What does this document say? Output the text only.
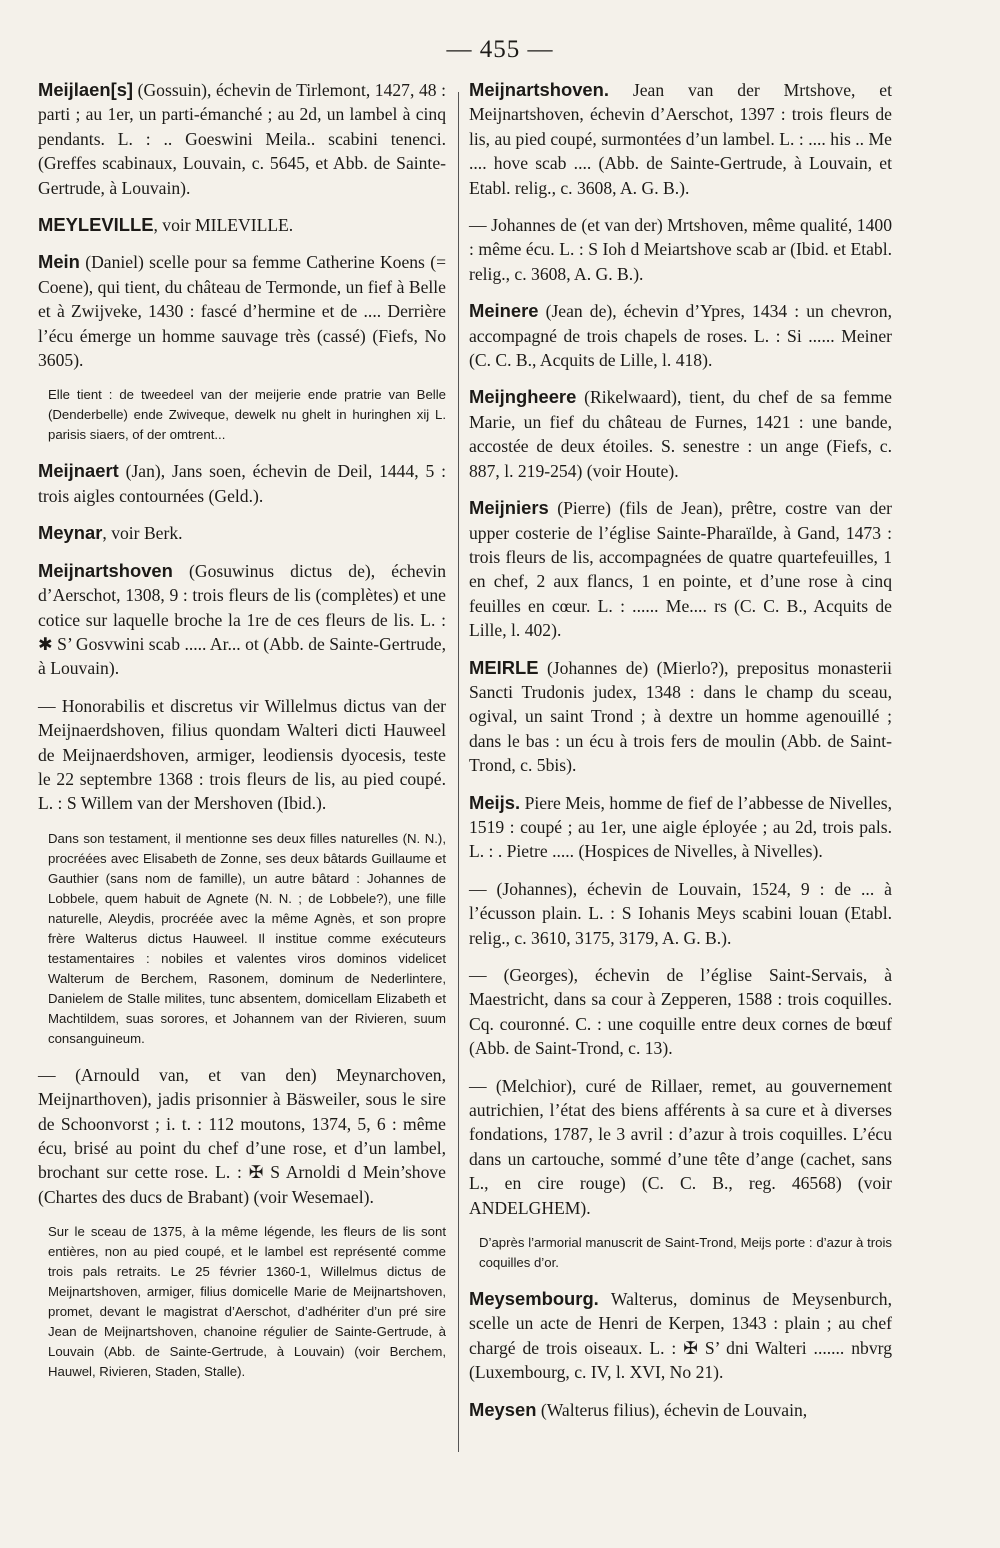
— 455 —

Meijlaen[s] (Gossuin), échevin de Tirlemont, 1427, 48 : parti ; au 1er, un parti-émanché ; au 2d, un lambel à cinq pendants. L. : .. Goeswini Meila.. scabini tenenci. (Greffes scabinaux, Louvain, c. 5645, et Abb. de Sainte-Gertrude, à Louvain).

MEYLEVILLE, voir MILEVILLE.

Mein (Daniel) scelle pour sa femme Catherine Koens (= Coene), qui tient, du château de Termonde, un fief à Belle et à Zwijveke, 1430 : fascé d’hermine et de .... Derrière l’écu émerge un homme sauvage très (cassé) (Fiefs, No 3605).

Elle tient : de tweedeel van der meijerie ende pratrie van Belle (Denderbelle) ende Zwiveque, dewelk nu ghelt in huringhen xij L. parisis siaers, of der omtrent...

Meijnaert (Jan), Jans soen, échevin de Deil, 1444, 5 : trois aigles contournées (Geld.).

Meynar, voir Berk.

Meijnartshoven (Gosuwinus dictus de), échevin d’Aerschot, 1308, 9 : trois fleurs de lis (complètes) et une cotice sur laquelle broche la 1re de ces fleurs de lis. L. : ✱ S’ Gosvwini scab ..... Ar... ot (Abb. de Sainte-Gertrude, à Louvain).

— Honorabilis et discretus vir Willelmus dictus van der Meijnaerdshoven, filius quondam Walteri dicti Hauweel de Meijnaerdshoven, armiger, leodiensis dyocesis, teste le 22 septembre 1368 : trois fleurs de lis, au pied coupé. L. : S Willem van der Mershoven (Ibid.).

Dans son testament, il mentionne ses deux filles naturelles (N. N.), procréées avec Elisabeth de Zonne, ses deux bâtards Guillaume et Gauthier (sans nom de famille), un autre bâtard : Johannes de Lobbele, quem habuit de Agnete (N. N. ; de Lobbele?), une fille naturelle, Aleydis, procréée avec la même Agnès, et son propre frère Walterus dictus Hauweel. Il institue comme exécuteurs testamentaires : nobiles et valentes viros dominos videlicet Walterum de Berchem, Rasonem, dominum de Nederlintere, Danielem de Stalle milites, tunc absentem, domicellam Elizabeth et Machtildem, suas sorores, et Johannem van der Rivieren, suum consanguineum.

— (Arnould van, et van den) Meynarchoven, Meijnarthoven), jadis prisonnier à Bäsweiler, sous le sire de Schoonvorst ; i. t. : 112 moutons, 1374, 5, 6 : même écu, brisé au point du chef d’une rose, et d’un lambel, brochant sur cette rose. L. : ✠ S Arnoldi d Mein’shove (Chartes des ducs de Brabant) (voir Wesemael).

Sur le sceau de 1375, à la même légende, les fleurs de lis sont entières, non au pied coupé, et le lambel est représenté comme trois pals retraits. Le 25 février 1360-1, Willelmus dictus de Meijnartshoven, armiger, filius domicelle Marie de Meijnartshoven, promet, devant le magistrat d’Aerschot, d’adhériter d’un pré sire Jean de Meijnartshoven, chanoine régulier de Sainte-Gertrude, à Louvain (Abb. de Sainte-Gertrude, à Louvain) (voir Berchem, Hauwel, Rivieren, Staden, Stalle).

Meijnartshoven. Jean van der Mrtshove, et Meijnartshoven, échevin d’Aerschot, 1397 : trois fleurs de lis, au pied coupé, surmontées d’un lambel. L. : .... his .. Me .... hove scab .... (Abb. de Sainte-Gertrude, à Louvain, et Etabl. relig., c. 3608, A. G. B.).

— Johannes de (et van der) Mrtshoven, même qualité, 1400 : même écu. L. : S Ioh d Meiartshove scab ar (Ibid. et Etabl. relig., c. 3608, A. G. B.).

Meinere (Jean de), échevin d’Ypres, 1434 : un chevron, accompagné de trois chapels de roses. L. : Si ...... Meiner (C. C. B., Acquits de Lille, l. 418).

Meijngheere (Rikelwaard), tient, du chef de sa femme Marie, un fief du château de Furnes, 1421 : une bande, accostée de deux étoiles. S. senestre : un ange (Fiefs, c. 887, l. 219-254) (voir Houte).

Meijniers (Pierre) (fils de Jean), prêtre, costre van der upper costerie de l’église Sainte-Pharaïlde, à Gand, 1473 : trois fleurs de lis, accompagnées de quatre quartefeuilles, 1 en chef, 2 aux flancs, 1 en pointe, et d’une rose à cinq feuilles en cœur. L. : ...... Me.... rs (C. C. B., Acquits de Lille, l. 402).

MEIRLE (Johannes de) (Mierlo?), prepositus monasterii Sancti Trudonis judex, 1348 : dans le champ du sceau, ogival, un saint Trond ; à dextre un homme agenouillé ; dans le bas : un écu à trois fers de moulin (Abb. de Saint-Trond, c. 5bis).

Meijs. Piere Meis, homme de fief de l’abbesse de Nivelles, 1519 : coupé ; au 1er, une aigle éployée ; au 2d, trois pals. L. : . Pietre ..... (Hospices de Nivelles, à Nivelles).

— (Johannes), échevin de Louvain, 1524, 9 : de ... à l’écusson plain. L. : S Iohanis Meys scabini louan (Etabl. relig., c. 3610, 3175, 3179, A. G. B.).

— (Georges), échevin de l’église Saint-Servais, à Maestricht, dans sa cour à Zepperen, 1588 : trois coquilles. Cq. couronné. C. : une coquille entre deux cornes de bœuf (Abb. de Saint-Trond, c. 13).

— (Melchior), curé de Rillaer, remet, au gouvernement autrichien, l’état des biens afférents à sa cure et à diverses fondations, 1787, le 3 avril : d’azur à trois coquilles. L’écu dans un cartouche, sommé d’une tête d’ange (cachet, sans L., en cire rouge) (C. C. B., reg. 46568) (voir ANDELGHEM).

D’après l’armorial manuscrit de Saint-Trond, Meijs porte : d’azur à trois coquilles d’or.

Meysembourg. Walterus, dominus de Meysenburch, scelle un acte de Henri de Kerpen, 1343 : plain ; au chef chargé de trois oiseaux. L. : ✠ S’ dni Walteri ....... nbvrg (Luxembourg, c. IV, l. XVI, No 21).

Meysen (Walterus filius), échevin de Louvain,
